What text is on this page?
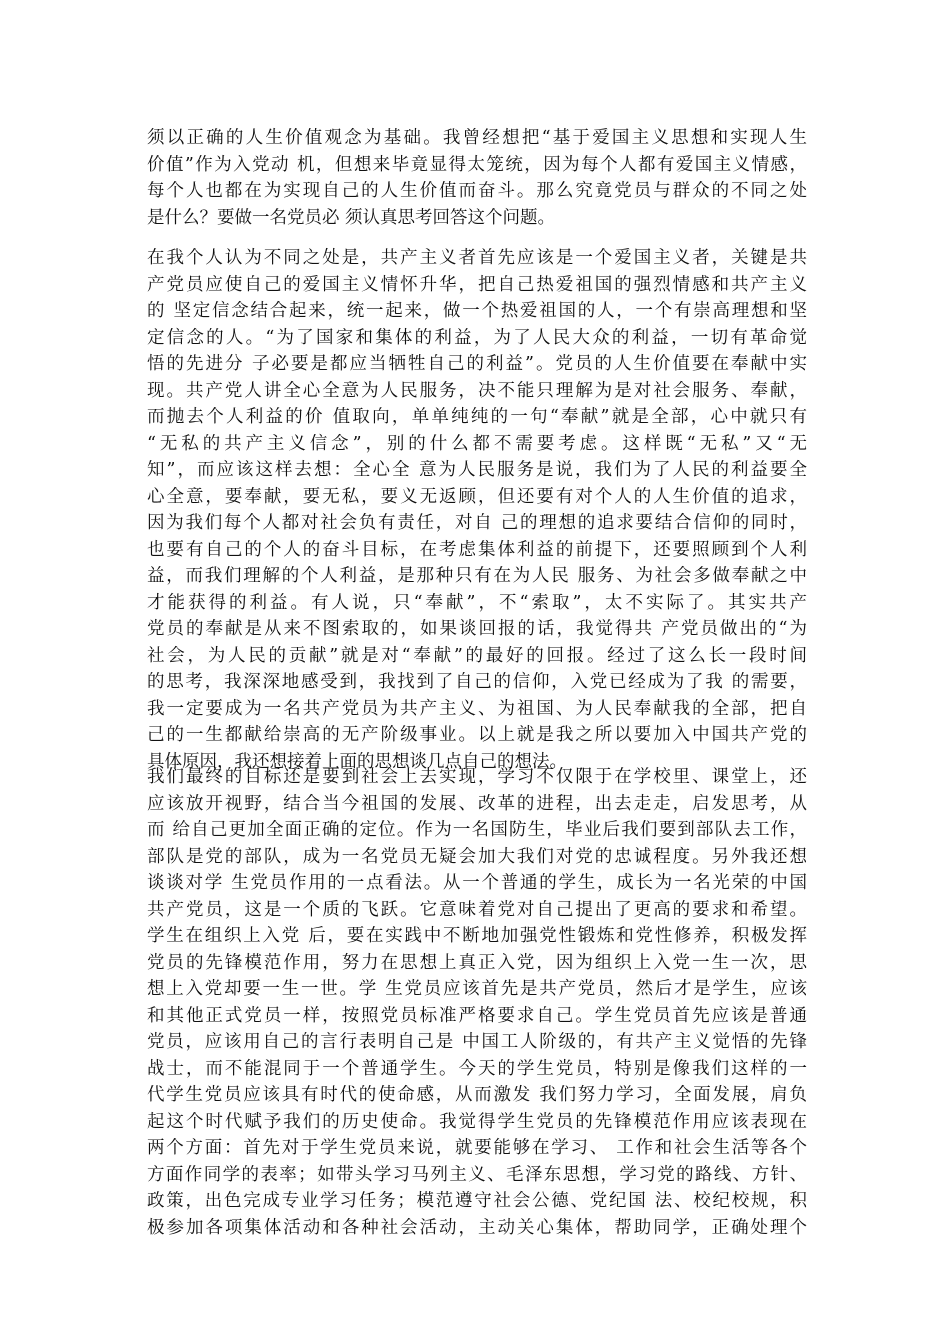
须以正确的人生价值观念为基础。我曾经想把“基于爱国主义思想和实现人生
价值”作为入党动 机，但想来毕竟显得太笼统，因为每个人都有爱国主义情感，
每个人也都在为实现自己的人生价值而奋斗。那么究竟党员与群众的不同之处
是什么？要做一名党员必 须认真思考回答这个问题。
在我个人认为不同之处是，共产主义者首先应该是一个爱国主义者，关键是共
产党员应使自己的爱国主义情怀升华，把自己热爱祖国的强烈情感和共产主义
的 坚定信念结合起来，统一起来，做一个热爱祖国的人，一个有崇高理想和坚
定信念的人。“为了国家和集体的利益，为了人民大众的利益，一切有革命觉
悟的先进分 子必要是都应当牺牲自己的利益”。党员的人生价值要在奉献中实
现。共产党人讲全心全意为人民服务，决不能只理解为是对社会服务、奉献，
而抛去个人利益的价 值取向，单单纯纯的一句“奉献”就是全部，心中就只有
“无私的共产主义信念”，别的什么都不需要考虑。这样既“无私”又“无
知”，而应该这样去想：全心全 意为人民服务是说，我们为了人民的利益要全
心全意，要奉献，要无私，要义无返顾，但还要有对个人的人生价值的追求，
因为我们每个人都对社会负有责任，对自 己的理想的追求要结合信仰的同时，
也要有自己的个人的奋斗目标，在考虑集体利益的前提下，还要照顾到个人利
益，而我们理解的个人利益，是那种只有在为人民 服务、为社会多做奉献之中
才能获得的利益。有人说，只“奉献”，不“索取”，太不实际了。其实共产
党员的奉献是从来不图索取的，如果谈回报的话，我觉得共 产党员做出的“为
社会，为人民的贡献”就是对“奉献”的最好的回报。经过了这么长一段时间
的思考，我深深地感受到，我找到了自己的信仰，入党已经成为了我 的需要，
我一定要成为一名共产党员为共产主义、为祖国、为人民奉献我的全部，把自
己的一生都献给崇高的无产阶级事业。以上就是我之所以要加入中国共产党的
具体原因，我还想接着上面的思想谈几点自己的想法。
我们最终的目标还是要到社会上去实现，学习不仅限于在学校里、课堂上，还
应该放开视野，结合当今祖国的发展、改革的进程，出去走走，启发思考，从
而 给自己更加全面正确的定位。作为一名国防生，毕业后我们要到部队去工作，
部队是党的部队，成为一名党员无疑会加大我们对党的忠诚程度。另外我还想
谈谈对学 生党员作用的一点看法。从一个普通的学生，成长为一名光荣的中国
共产党员，这是一个质的飞跃。它意味着党对自己提出了更高的要求和希望。
学生在组织上入党 后，要在实践中不断地加强党性锻炼和党性修养，积极发挥
党员的先锋模范作用，努力在思想上真正入党，因为组织上入党一生一次，思
想上入党却要一生一世。学 生党员应该首先是共产党员，然后才是学生，应该
和其他正式党员一样，按照党员标准严格要求自己。学生党员首先应该是普通
党员，应该用自己的言行表明自己是 中国工人阶级的，有共产主义觉悟的先锋
战士，而不能混同于一个普通学生。今天的学生党员，特别是像我们这样的一
代学生党员应该具有时代的使命感，从而激发 我们努力学习，全面发展，肩负
起这个时代赋予我们的历史使命。我觉得学生党员的先锋模范作用应该表现在
两个方面：首先对于学生党员来说，就要能够在学习、 工作和社会生活等各个
方面作同学的表率；如带头学习马列主义、毛泽东思想，学习党的路线、方针、
政策，出色完成专业学习任务；模范遵守社会公德、党纪国 法、校纪校规，积
极参加各项集体活动和各种社会活动，主动关心集体，帮助同学，正确处理个
